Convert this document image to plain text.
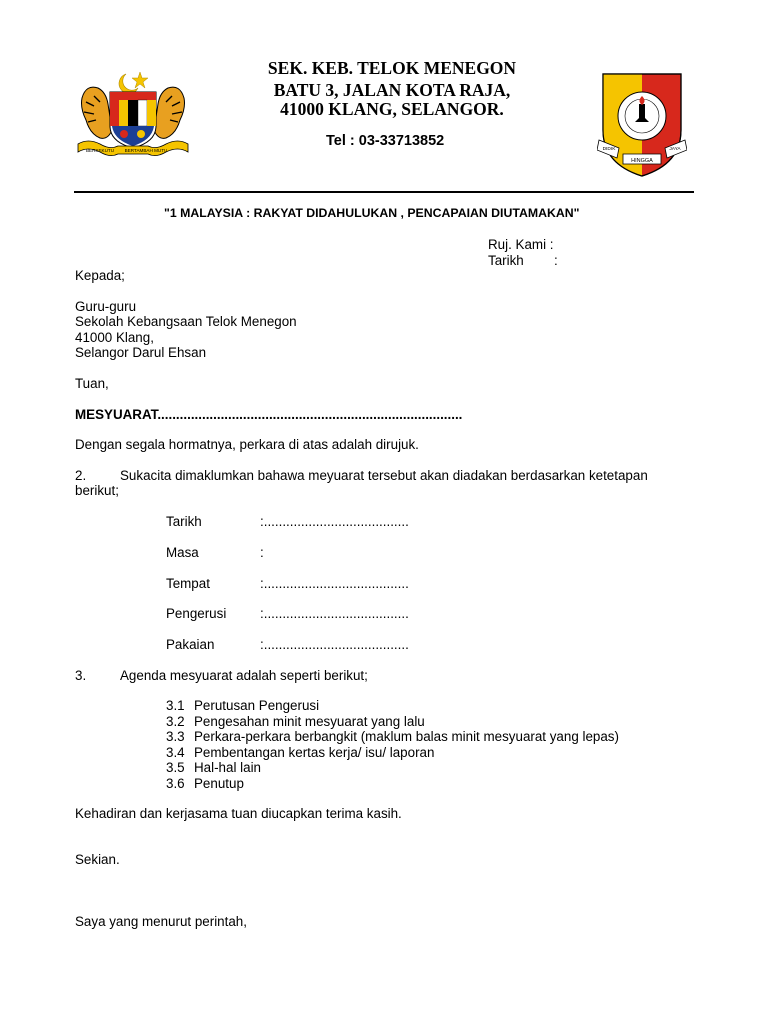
BERSEKUTU BERTAMBAH MUTU	DIDIK
HINGGA
JAYA
SEK. KEB. TELOK MENEGON
BATU 3, JALAN KOTA RAJA,
41000 KLANG, SELANGOR.
Tel : 03-33713852
"1 MALAYSIA : RAKYAT DIDAHULUKAN , PENCAPAIAN DIUTAMAKAN"
Ruj. Kami :
Tarikh :
Kepada;
Guru-guru
Sekolah Kebangsaan Telok Menegon
41000 Klang,
Selangor Darul Ehsan
Tuan,
MESYUARAT..................................................................................
Dengan segala hormatnya, perkara di atas adalah dirujuk.
2.	Sukacita dimaklumkan bahawa meyuarat tersebut akan diadakan berdasarkan ketetapan
berikut;
Tarikh	:.......................................
Masa	:
Tempat	:.......................................
Pengerusi	:.......................................
Pakaian	:.......................................
3.	Agenda mesyuarat adalah seperti berikut;
3.1 Perutusan Pengerusi
3.2 Pengesahan minit mesyuarat yang lalu
3.3 Perkara-perkara berbangkit (maklum balas minit mesyuarat yang lepas)
3.4 Pembentangan kertas kerja/ isu/ laporan
3.5 Hal-hal lain
3.6 Penutup
Kehadiran dan kerjasama tuan diucapkan terima kasih.
Sekian.
Saya yang menurut perintah,
